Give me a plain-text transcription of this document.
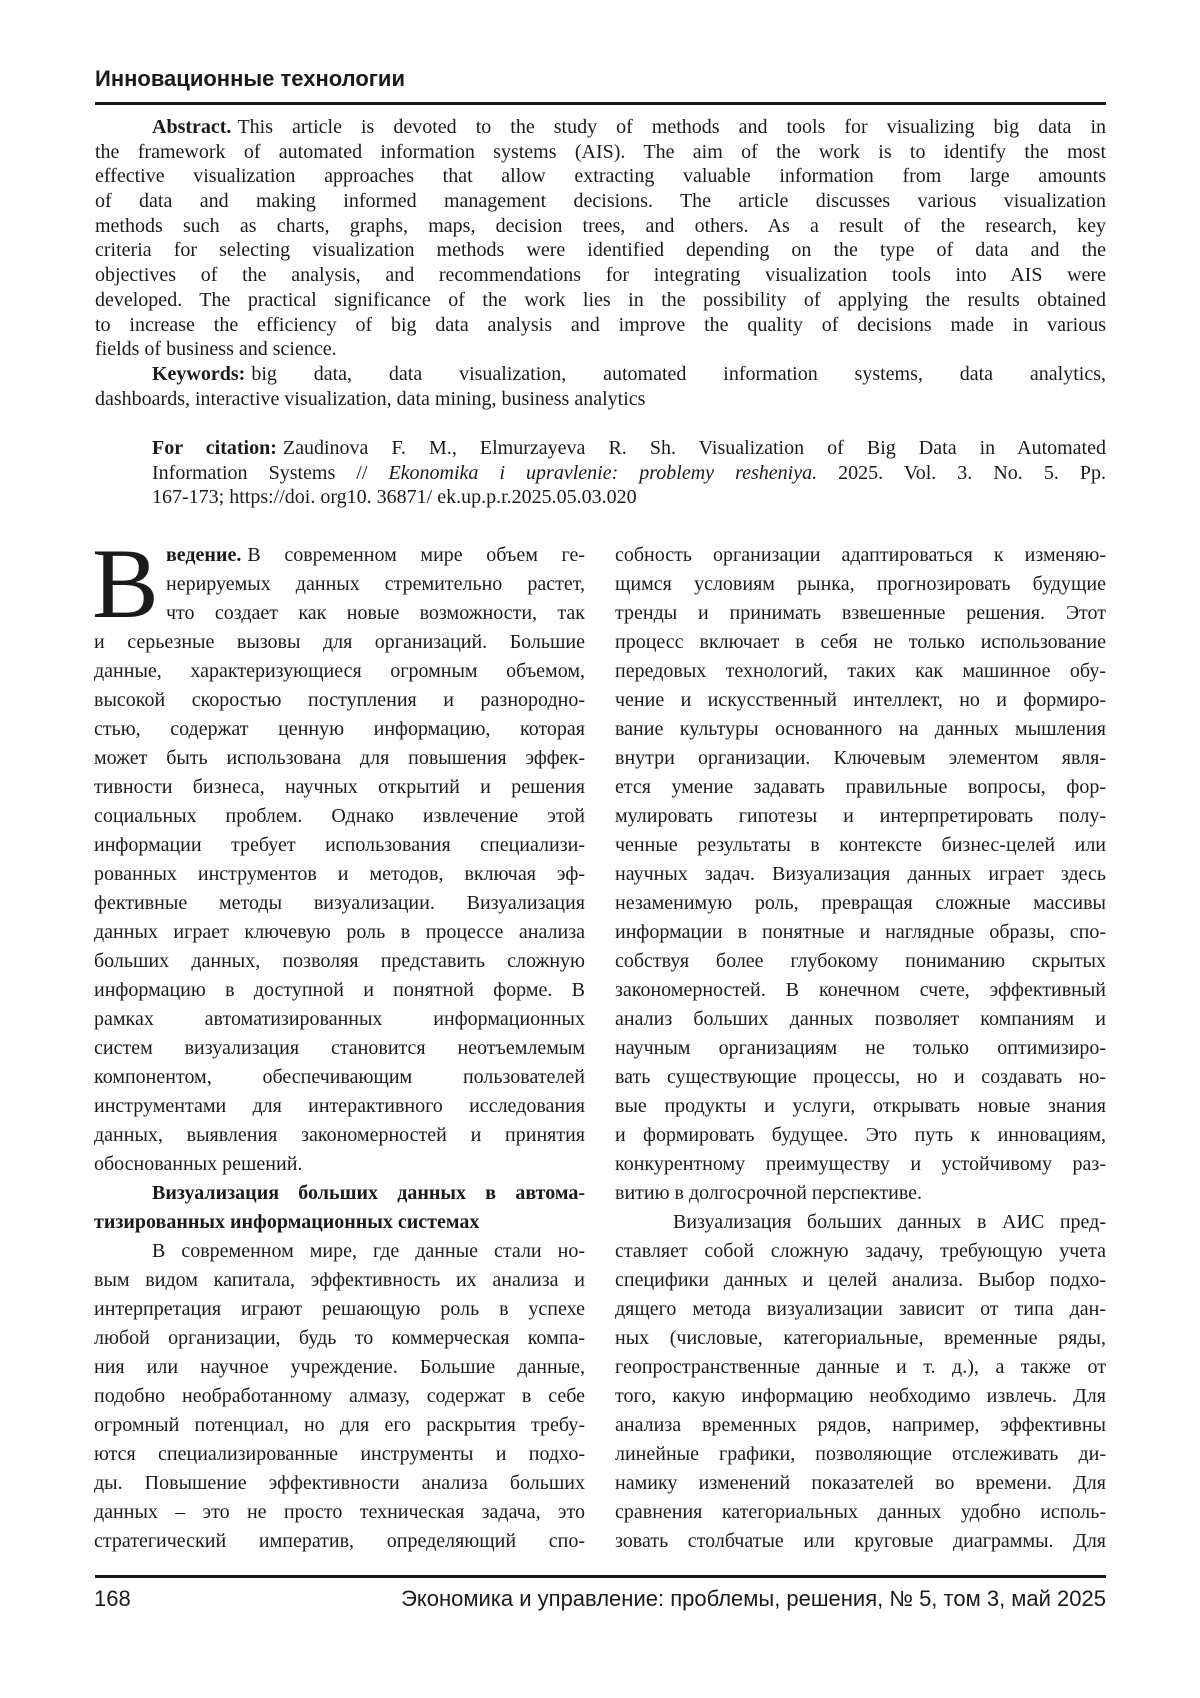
Инновационные технологии
Abstract. This article is devoted to the study of methods and tools for visualizing big data in
the framework of automated information systems (AIS). The aim of the work is to identify the most
effective visualization approaches that allow extracting valuable information from large amounts
of data and making informed management decisions. The article discusses various visualization
methods such as charts, graphs, maps, decision trees, and others. As a result of the research, key
criteria for selecting visualization methods were identified depending on the type of data and the
objectives of the analysis, and recommendations for integrating visualization tools into AIS were
developed. The practical significance of the work lies in the possibility of applying the results obtained
to increase the efficiency of big data analysis and improve the quality of decisions made in various
fields of business and science.
Keywords: big data, data visualization, automated information systems, data analytics,
dashboards, interactive visualization, data mining, business analytics
For citation: Zaudinova F. M., Elmurzayeva R. Sh. Visualization of Big Data in Automated
Information Systems // Ekonomika i upravlenie: problemy resheniya. 2025. Vol. 3. No. 5. Pp.
167-173; https://doi. org10. 36871/ ek.up.p.r.2025.05.03.020
В ведение. В современном мире объем ге-
нерируемых данных стремительно растет,
что создает как новые возможности, так
и серьезные вызовы для организаций. Большие
данные, характеризующиеся огромным объемом,
высокой скоростью поступления и разнородно-
стью, содержат ценную информацию, которая
может быть использована для повышения эффек-
тивности бизнеса, научных открытий и решения
социальных проблем. Однако извлечение этой
информации требует использования специализи-
рованных инструментов и методов, включая эф-
фективные методы визуализации. Визуализация
данных играет ключевую роль в процессе анализа
больших данных, позволяя представить сложную
информацию в доступной и понятной форме. В
рамках автоматизированных информационных
систем визуализация становится неотъемлемым
компонентом, обеспечивающим пользователей
инструментами для интерактивного исследования
данных, выявления закономерностей и принятия
обоснованных решений.
Визуализация больших данных в автома-
тизированных информационных системах
В современном мире, где данные стали но-
вым видом капитала, эффективность их анализа и
интерпретация играют решающую роль в успехе
любой организации, будь то коммерческая компа-
ния или научное учреждение. Большие данные,
подобно необработанному алмазу, содержат в себе
огромный потенциал, но для его раскрытия требу-
ются специализированные инструменты и подхо-
ды. Повышение эффективности анализа больших
данных – это не просто техническая задача, это
стратегический императив, определяющий спо-
собность организации адаптироваться к изменяю-
щимся условиям рынка, прогнозировать будущие
тренды и принимать взвешенные решения. Этот
процесс включает в себя не только использование
передовых технологий, таких как машинное обу-
чение и искусственный интеллект, но и формиро-
вание культуры основанного на данных мышления
внутри организации. Ключевым элементом явля-
ется умение задавать правильные вопросы, фор-
мулировать гипотезы и интерпретировать полу-
ченные результаты в контексте бизнес-целей или
научных задач. Визуализация данных играет здесь
незаменимую роль, превращая сложные массивы
информации в понятные и наглядные образы, спо-
собствуя более глубокому пониманию скрытых
закономерностей. В конечном счете, эффективный
анализ больших данных позволяет компаниям и
научным организациям не только оптимизиро-
вать существующие процессы, но и создавать но-
вые продукты и услуги, открывать новые знания
и формировать будущее. Это путь к инновациям,
конкурентному преимуществу и устойчивому раз-
витию в долгосрочной перспективе.
Визуализация больших данных в АИС пред-
ставляет собой сложную задачу, требующую учета
специфики данных и целей анализа. Выбор подхо-
дящего метода визуализации зависит от типа дан-
ных (числовые, категориальные, временные ряды,
геопространственные данные и т. д.), а также от
того, какую информацию необходимо извлечь. Для
анализа временных рядов, например, эффективны
линейные графики, позволяющие отслеживать ди-
намику изменений показателей во времени. Для
сравнения категориальных данных удобно исполь-
зовать столбчатые или круговые диаграммы. Для
168	Экономика и управление: проблемы, решения, № 5, том 3, май 2025
